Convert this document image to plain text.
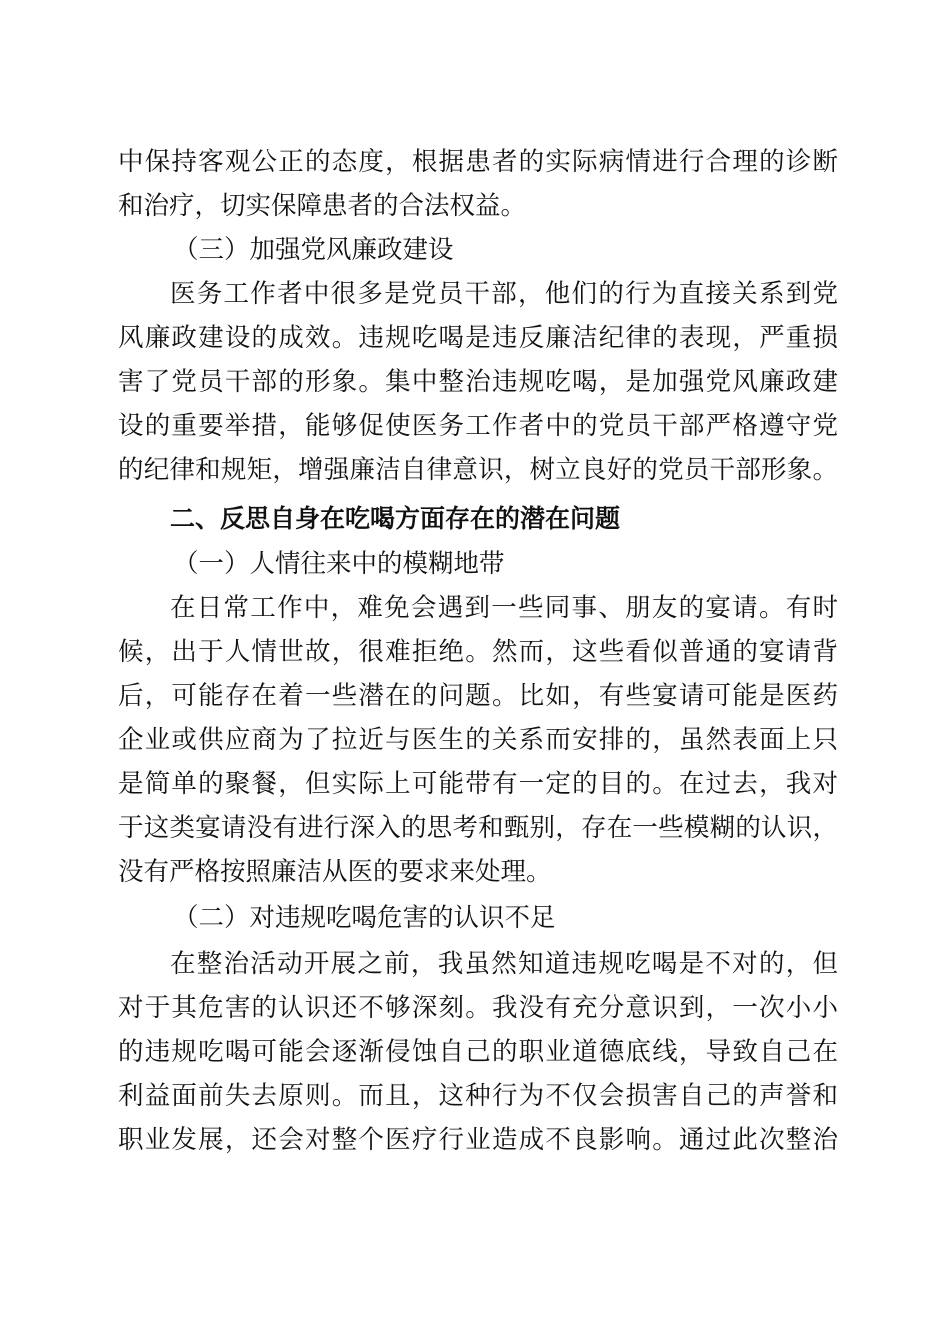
中保持客观公正的态度，根据患者的实际病情进行合理的诊断
和治疗，切实保障患者的合法权益。
（三）加强党风廉政建设
医务工作者中很多是党员干部，他们的行为直接关系到党
风廉政建设的成效。违规吃喝是违反廉洁纪律的表现，严重损
害了党员干部的形象。集中整治违规吃喝，是加强党风廉政建
设的重要举措，能够促使医务工作者中的党员干部严格遵守党
的纪律和规矩，增强廉洁自律意识，树立良好的党员干部形象。
二、反思自身在吃喝方面存在的潜在问题
（一）人情往来中的模糊地带
在日常工作中，难免会遇到一些同事、朋友的宴请。有时
候，出于人情世故，很难拒绝。然而，这些看似普通的宴请背
后，可能存在着一些潜在的问题。比如，有些宴请可能是医药
企业或供应商为了拉近与医生的关系而安排的，虽然表面上只
是简单的聚餐，但实际上可能带有一定的目的。在过去，我对
于这类宴请没有进行深入的思考和甄别，存在一些模糊的认识，
没有严格按照廉洁从医的要求来处理。
（二）对违规吃喝危害的认识不足
在整治活动开展之前，我虽然知道违规吃喝是不对的，但
对于其危害的认识还不够深刻。我没有充分意识到，一次小小
的违规吃喝可能会逐渐侵蚀自己的职业道德底线，导致自己在
利益面前失去原则。而且，这种行为不仅会损害自己的声誉和
职业发展，还会对整个医疗行业造成不良影响。通过此次整治
